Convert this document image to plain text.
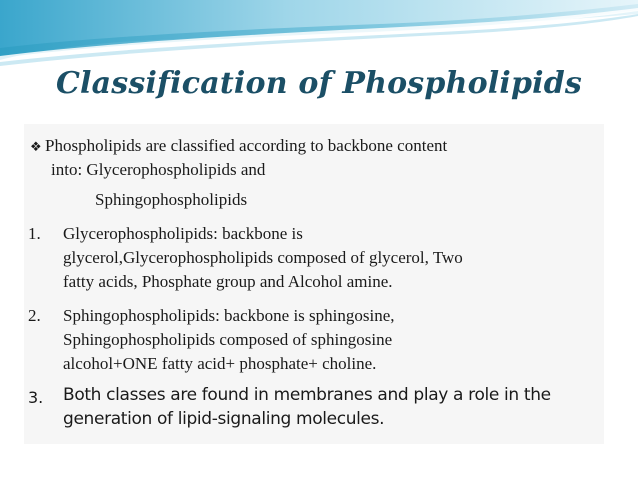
Classification of Phospholipids
❖ Phospholipids are classified according to backbone content
into: Glycerophospholipids and
Sphingophospholipids
1. Glycerophospholipids: backbone is
glycerol,Glycerophospholipids composed of glycerol, Two
fatty acids, Phosphate group and Alcohol amine.
2. Sphingophospholipids: backbone is sphingosine,
Sphingophospholipids composed of sphingosine
alcohol+ONE fatty acid+ phosphate+ choline.
3. Both classes are found in membranes and play a role in the
generation of lipid-signaling molecules.
